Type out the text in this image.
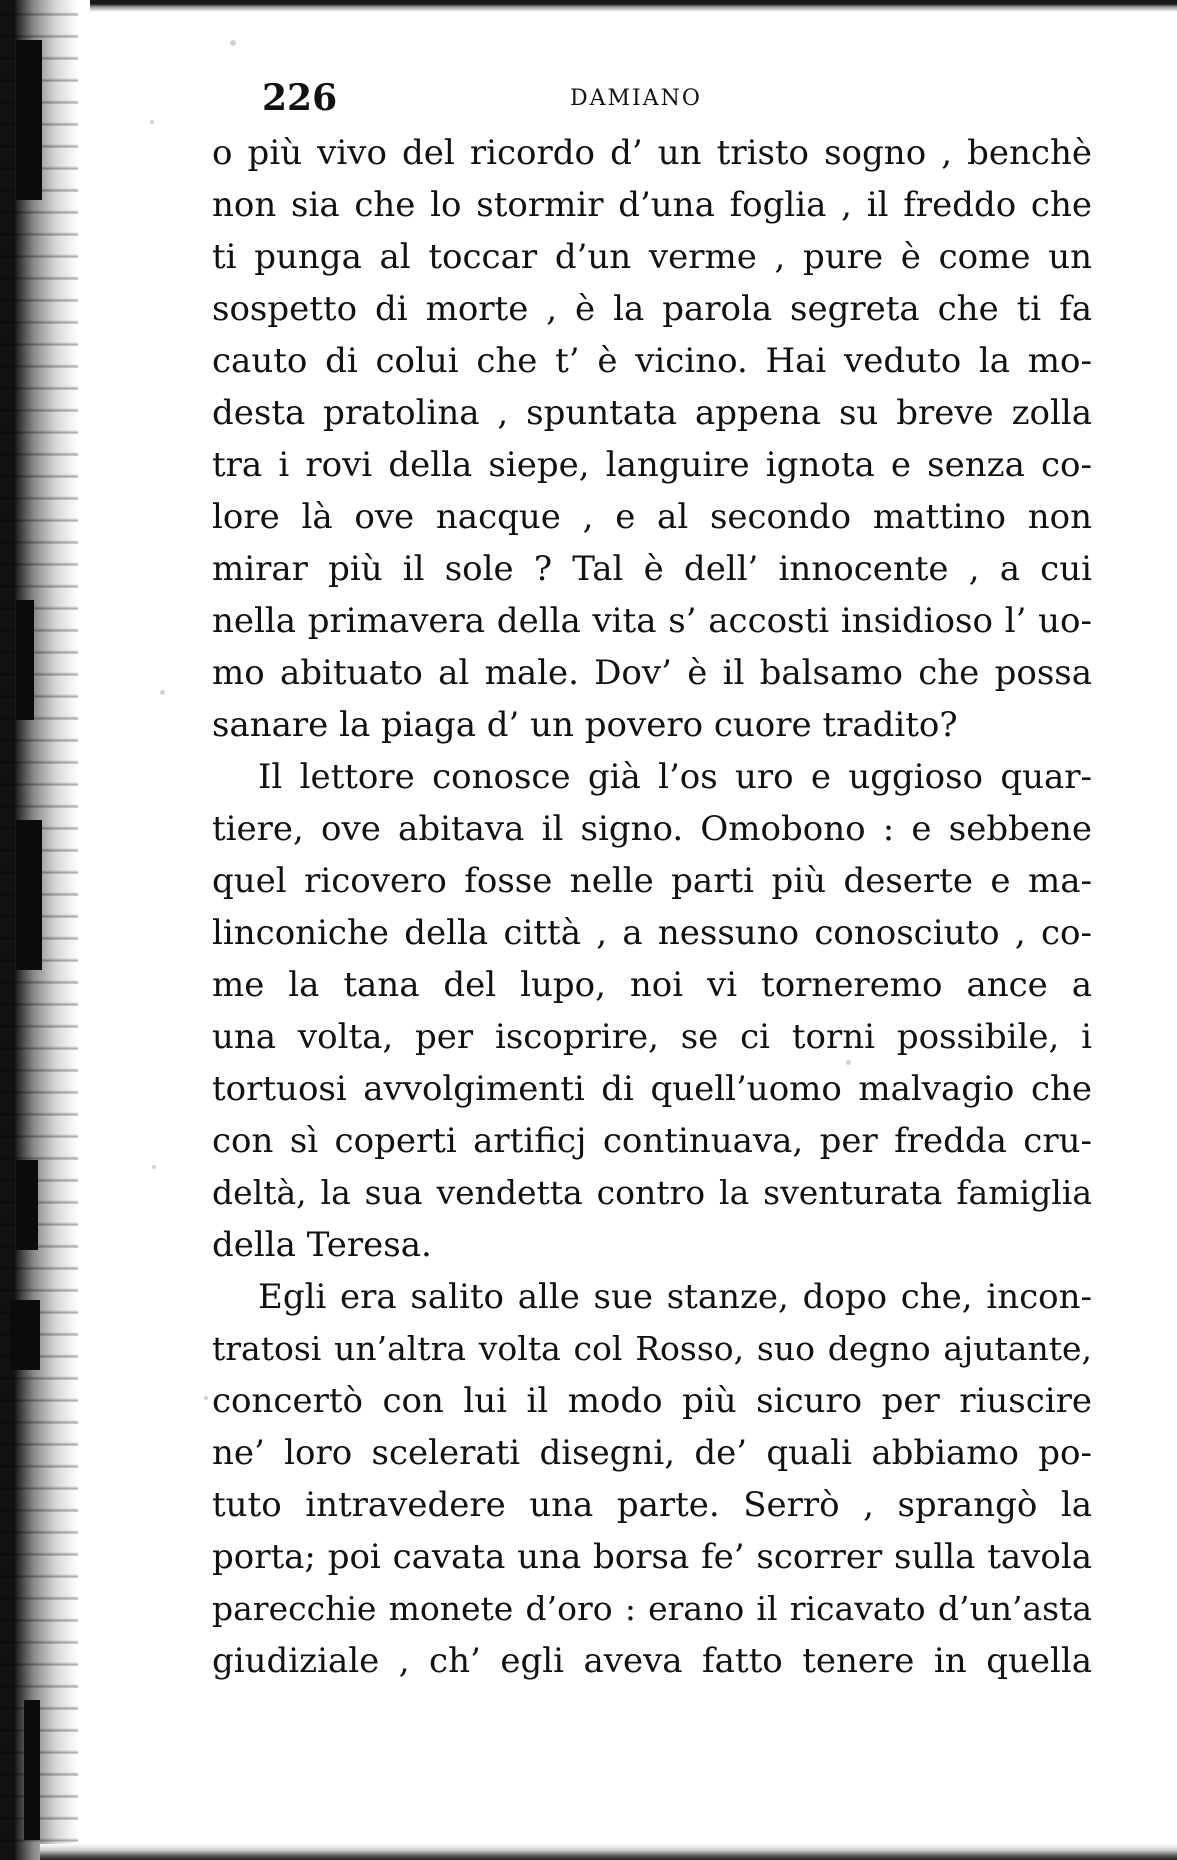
226	DAMIANO
o più vivo del ricordo d’ un tristo sogno , benchè
non sia che lo stormir d’una foglia , il freddo che
ti punga al toccar d’un verme , pure è come un
sospetto di morte , è la parola segreta che ti fa
cauto di colui che t’ è vicino. Hai veduto la mo-
desta pratolina , spuntata appena su breve zolla
tra i rovi della siepe, languire ignota e senza co-
lore là ove nacque , e al secondo mattino non
mirar più il sole ? Tal è dell’ innocente , a cui
nella primavera della vita s’ accosti insidioso l’ uo-
mo abituato al male. Dov’ è il balsamo che possa
sanare la piaga d’ un povero cuore tradito?
Il lettore conosce già l’os uro e uggioso quar-
tiere, ove abitava il signo. Omobono : e sebbene
quel ricovero fosse nelle parti più deserte e ma-
linconiche della città , a nessuno conosciuto , co-
me la tana del lupo, noi vi torneremo ance a
una volta, per iscoprire, se ci torni possibile, i
tortuosi avvolgimenti di quell’uomo malvagio che
con sì coperti artificj continuava, per fredda cru-
deltà, la sua vendetta contro la sventurata famiglia
della Teresa.
Egli era salito alle sue stanze, dopo che, incon-
tratosi un’altra volta col Rosso, suo degno ajutante,
concertò con lui il modo più sicuro per riuscire
ne’ loro scelerati disegni, de’ quali abbiamo po-
tuto intravedere una parte. Serrò , sprangò la
porta; poi cavata una borsa fe’ scorrer sulla tavola
parecchie monete d’oro : erano il ricavato d’un’asta
giudiziale , ch’ egli aveva fatto tenere in quella
